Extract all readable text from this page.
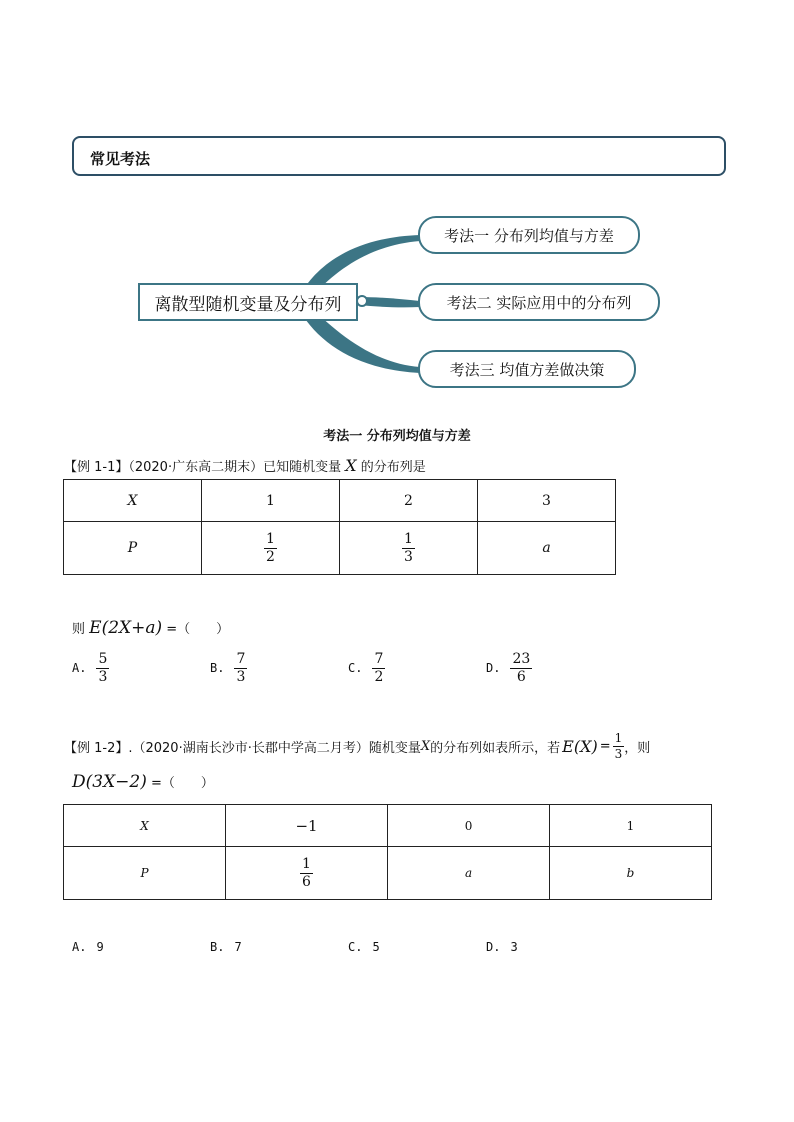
常见考法
离散型随机变量及分布列
考法一 分布列均值与方差
考法二 实际应用中的分布列
考法三 均值方差做决策
考法一 分布列均值与方差
【例 1-1】（2020·广东高二期末）已知随机变量 X 的分布列是
X	1	2	3
P	$\frac{1}{2}$	$\frac{1}{3}$	a
则 E(2X+a) =（　　）
A. $\frac{5}{3}$	B. $\frac{7}{3}$	C. $\frac{7}{2}$	D. $\frac{23}{6}$
【例 1-2】.（2020·湖南长沙市·长郡中学高二月考）随机变量 X 的分布列如表所示，若 $E(X) = \frac{1}{3}$ ，则
D(3X−2) =（　　）
X	−1	0	1
P	$\frac{1}{6}$	a	b
A. 9	B. 7	C. 5	D. 3
